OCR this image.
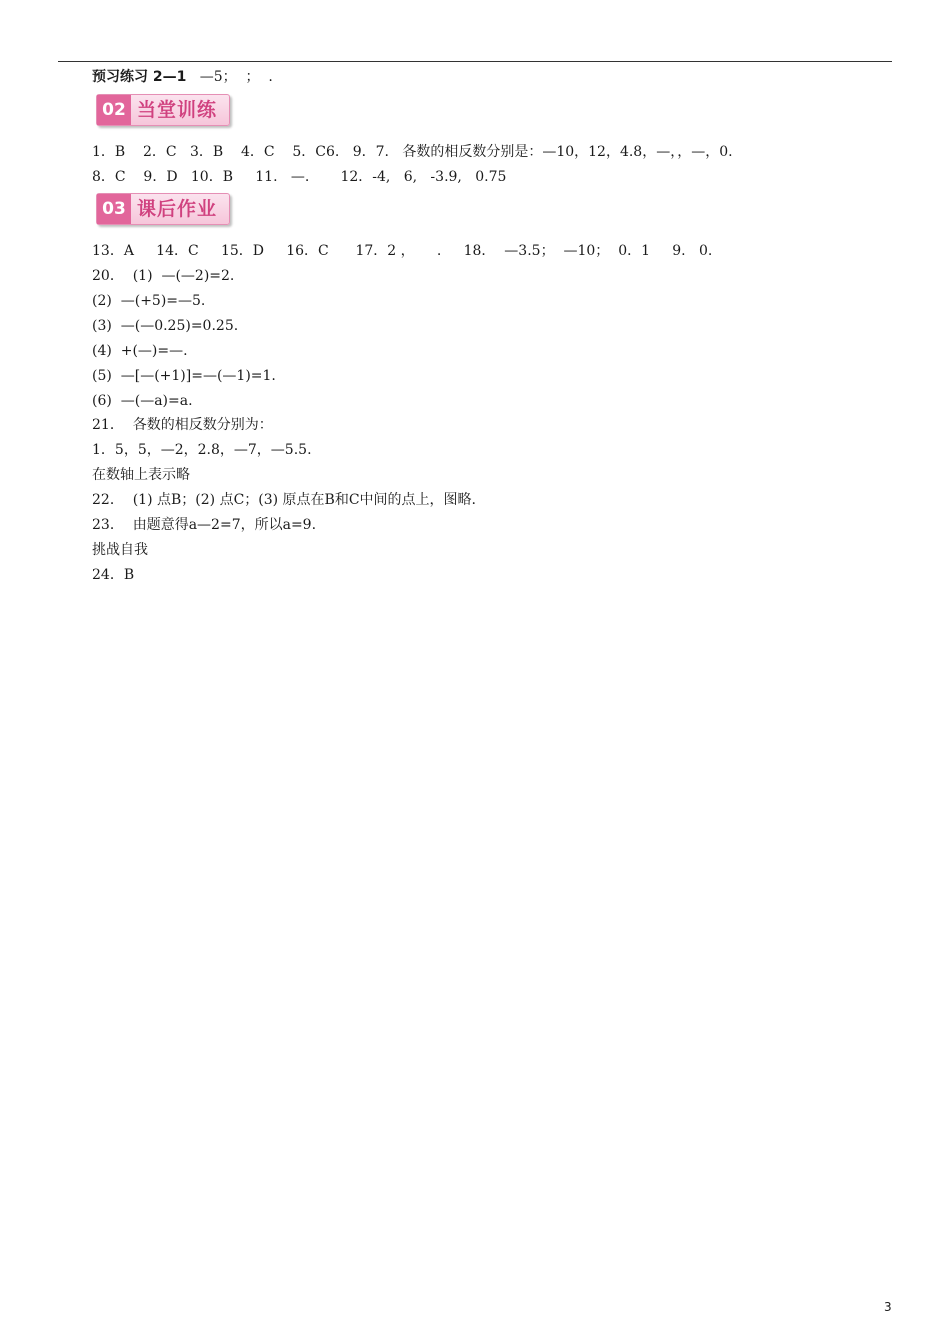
预习练习 2—1   —5；  ；  .
02 当堂训练
1．B    2．C   3．B    4．C    5．C6.   9．7.   各数的相反数分别是：—10，12，4.8，—，，—，0.
8．C    9．D   10．B     11.   —.       12．-4,   6,   -3.9,   0.75
03 课后作业
13．A     14．C     15．D     16．C      17．2 ，     .     18．  —3.5；  —10；  0．1     9.   0.
20．  (1)  —(—2)=2.
(2)  —(+5)=—5.
(3)  —(—0.25)=0.25.
(4)  +(—)=—.
(5)  —[—(+1)]=—(—1)=1.
(6)  —(—a)=a.
21．  各数的相反数分别为：
1．5，5，—2，2.8，—7，—5.5.
在数轴上表示略
22．  (1) 点B；(2) 点C；(3) 原点在B和C中间的点上，图略.
23．  由题意得a—2=7，所以a=9.
挑战自我
24．B
3
